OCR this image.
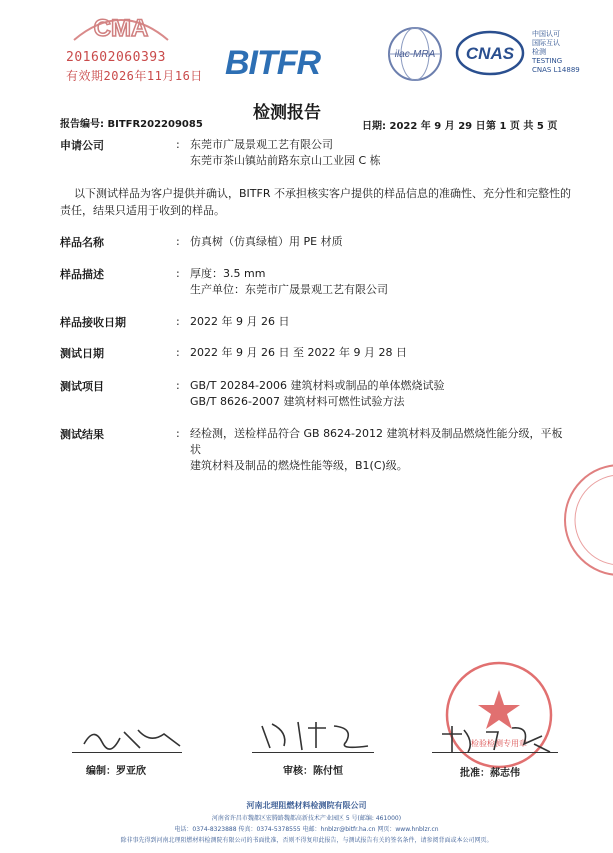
CMA
201602060393
有效期2026年11月16日 BITFR	ilac-MRA CNAS
中国认可
国际互认
检测
TESTING
CNAS L14889
检测报告
报告编号: BITFR202209085	日期: 2022 年 9 月 29 日 第 1 页 共 5 页
申请公司	: 东莞市广晟景观工艺有限公司
东莞市茶山镇站前路东京山工业园 C 栋
以下测试样品为客户提供并确认，BITFR 不承担核实客户提供的样品信息的准确性、充分性和完整性的
责任，结果只适用于收到的样品。
样品名称	: 仿真树（仿真绿植）用 PE 材质
样品描述	: 厚度：3.5 mm
生产单位：东莞市广晟景观工艺有限公司
样品接收日期	: 2022 年 9 月 26 日
测试日期	: 2022 年 9 月 26 日 至 2022 年 9 月 28 日
测试项目	: GB/T 20284-2006 建筑材料或制品的单体燃烧试验
GB/T 8626-2007 建筑材料可燃性试验方法
测试结果	: 经检测，送检样品符合 GB 8624-2012 建筑材料及制品燃烧性能分级，平板状
建筑材料及制品的燃烧性能等级，B1(C)级。
检验检测专用章
编制：罗亚欣	审核：陈付恒	批准：郝志伟
河南北理阻燃材料检测院有限公司
河南省许昌市魏都区宏腾路魏都高新技术产业园区 5 号(邮编: 461000)
电话：0374-8323888 传真：0374-5378555 电邮：hnblzr@bitfr.ha.cn 网页：www.hnblzr.cn
除非事先得到河南北理阻燃材料检测院有限公司的书面批准，否则不得复印此报告，与测试报告有关的签名条件，请参阅背面或本公司网页。
